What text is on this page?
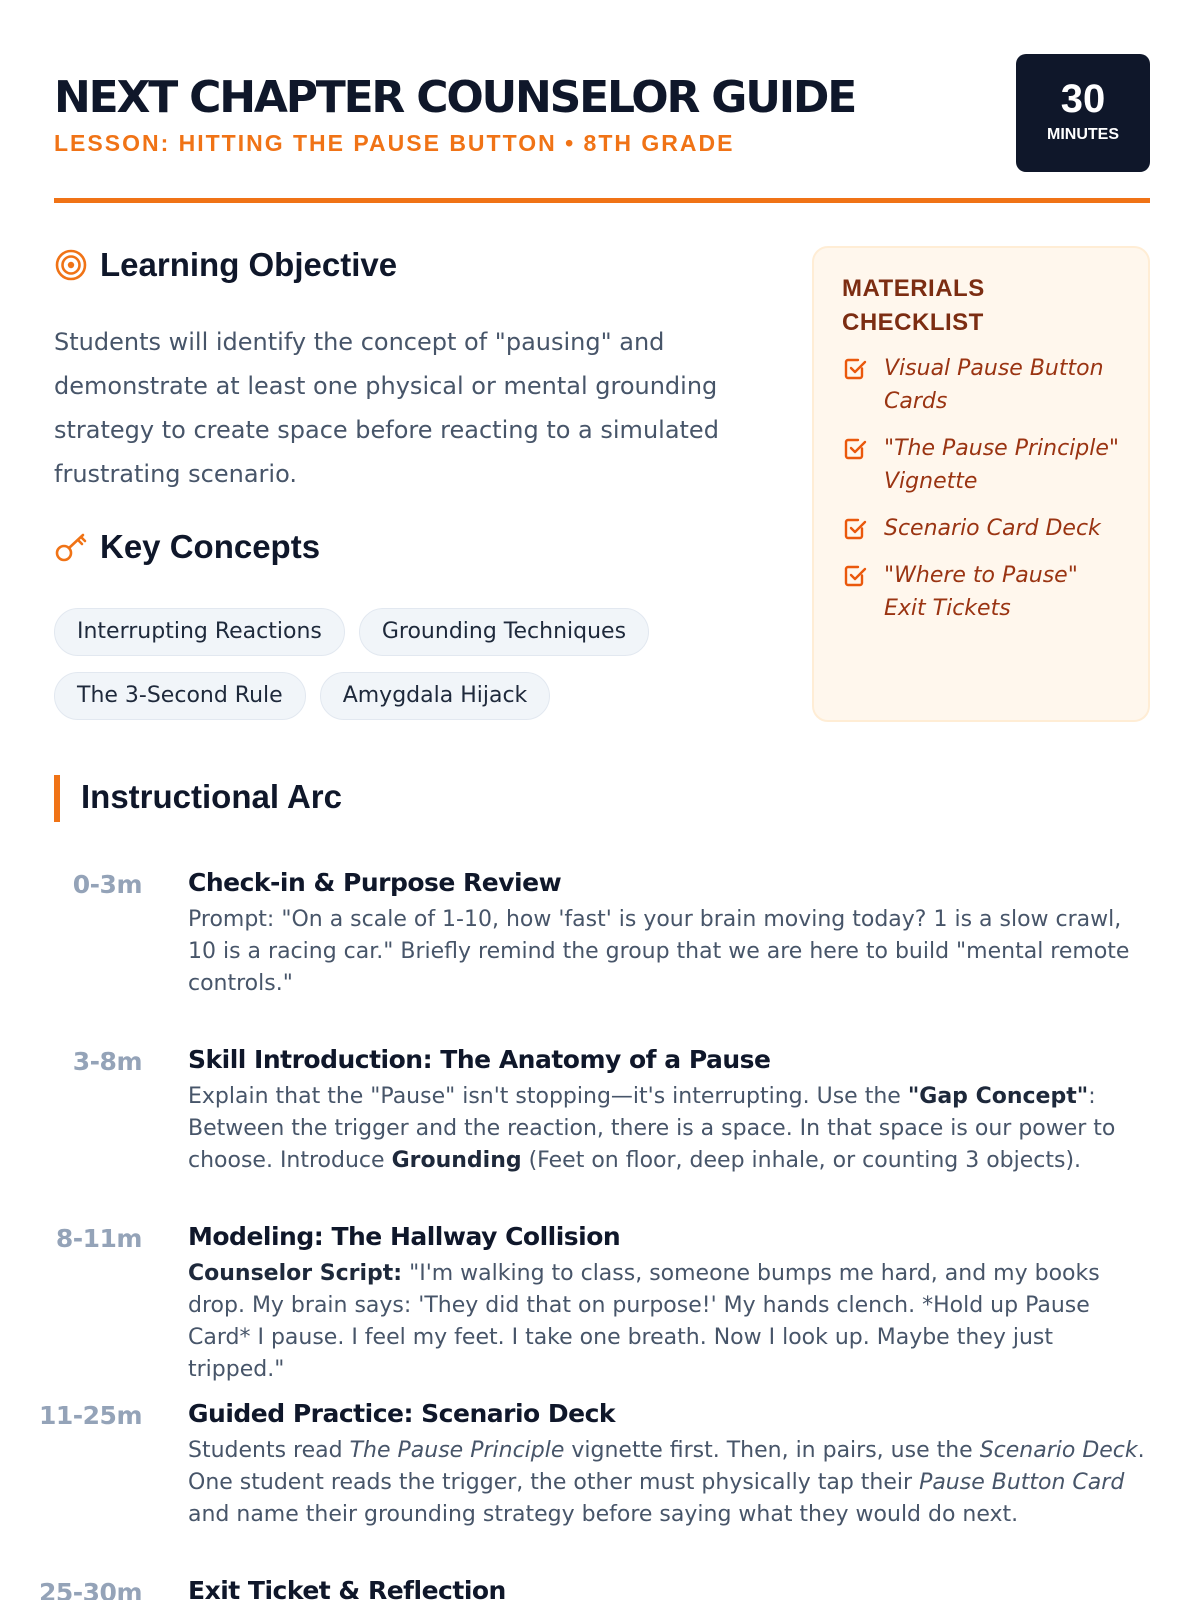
NEXT CHAPTER COUNSELOR GUIDE
LESSON: HITTING THE PAUSE BUTTON • 8TH GRADE
30
MINUTES
Learning Objective

Students will identify the concept of "pausing" and demonstrate at least one physical or mental grounding strategy to create space before reacting to a simulated frustrating scenario.

Key Concepts
Interrupting Reactions	Grounding Techniques
The 3-Second Rule	Amygdala Hijack
MATERIALS CHECKLIST
Visual Pause Button Cards
"The Pause Principle" Vignette
Scenario Card Deck
"Where to Pause" Exit Tickets
Instructional Arc
0-3m Check-in & Purpose Review

Prompt: "On a scale of 1-10, how 'fast' is your brain moving today? 1 is a slow crawl, 10 is a racing car." Briefly remind the group that we are here to build "mental remote controls."

3-8m Skill Introduction: The Anatomy of a Pause

Explain that the "Pause" isn't stopping—it's interrupting. Use the "Gap Concept": Between the trigger and the reaction, there is a space. In that space is our power to choose. Introduce Grounding (Feet on floor, deep inhale, or counting 3 objects).

8-11m Modeling: The Hallway Collision

Counselor Script: "I'm walking to class, someone bumps me hard, and my books drop. My brain says: 'They did that on purpose!' My hands clench. *Hold up Pause Card* I pause. I feel my feet. I take one breath. Now I look up. Maybe they just tripped."

11-25m Guided Practice: Scenario Deck

Students read The Pause Principle vignette first. Then, in pairs, use the Scenario Deck. One student reads the trigger, the other must physically tap their Pause Button Card and name their grounding strategy before saying what they would do next.

25-30m Exit Ticket & Reflection
